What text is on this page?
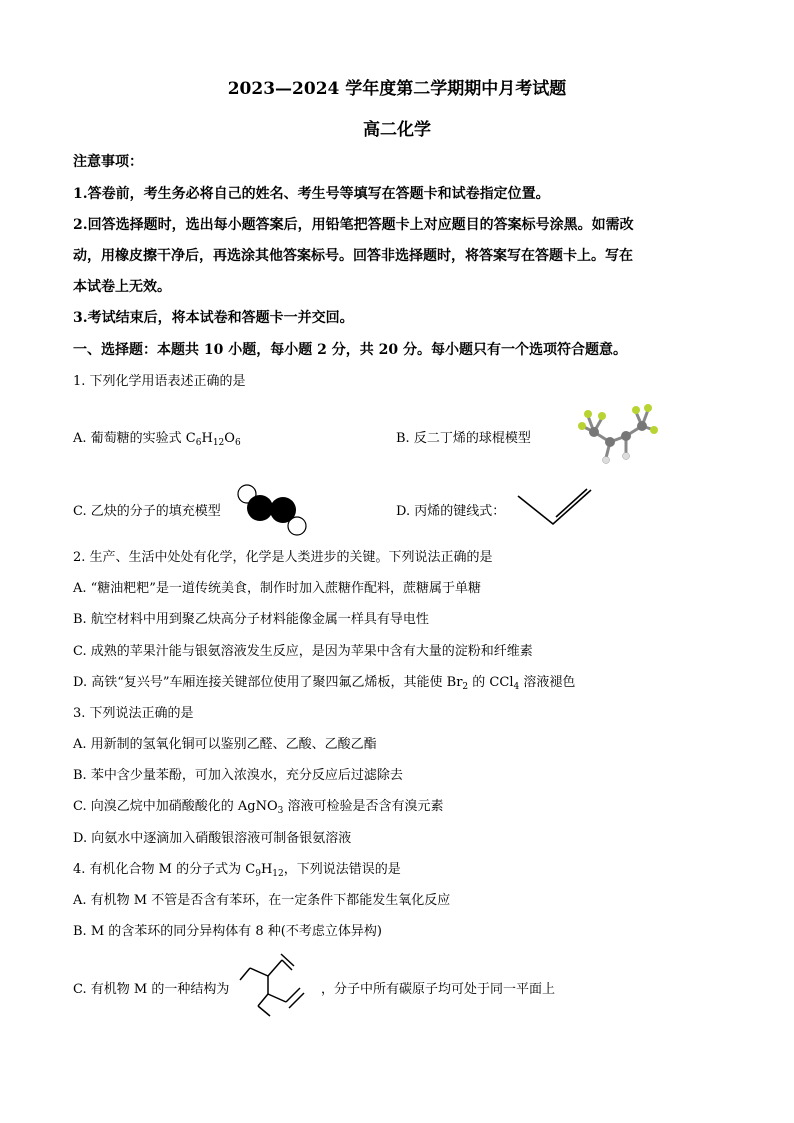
2023—2024 学年度第二学期期中月考试题
高二化学
注意事项：
1.答卷前，考生务必将自己的姓名、考生号等填写在答题卡和试卷指定位置。
2.回答选择题时，选出每小题答案后，用铅笔把答题卡上对应题目的答案标号涂黑。如需改
动，用橡皮擦干净后，再选涂其他答案标号。回答非选择题时，将答案写在答题卡上。写在
本试卷上无效。
3.考试结束后，将本试卷和答题卡一并交回。
一、选择题：本题共 10 小题，每小题 2 分，共 20 分。每小题只有一个选项符合题意。
1. 下列化学用语表述正确的是
A. 葡萄糖的实验式 $C_6H_{12}O_6$	B. 反二丁烯的球棍模型
C. 乙炔的分子的填充模型	D. 丙烯的键线式：
2. 生产、生活中处处有化学，化学是人类进步的关键。下列说法正确的是
A. “糖油粑粑”是一道传统美食，制作时加入蔗糖作配料，蔗糖属于单糖
B. 航空材料中用到聚乙炔高分子材料能像金属一样具有导电性
C. 成熟的苹果汁能与银氨溶液发生反应，是因为苹果中含有大量的淀粉和纤维素
D. 高铁“复兴号”车厢连接关键部位使用了聚四氟乙烯板，其能使 $Br_2$ 的 CCl$_4$ 溶液褪色
3. 下列说法正确的是
A. 用新制的氢氧化铜可以鉴别乙醛、乙酸、乙酸乙酯
B. 苯中含少量苯酚，可加入浓溴水，充分反应后过滤除去
C. 向溴乙烷中加硝酸酸化的 AgNO$_3$ 溶液可检验是否含有溴元素
D. 向氨水中逐滴加入硝酸银溶液可制备银氨溶液
4. 有机化合物 M 的分子式为 $C_9H_{12}$，下列说法错误的是
A. 有机物 M 不管是否含有苯环，在一定条件下都能发生氧化反应
B. M 的含苯环的同分异构体有 8 种(不考虑立体异构)
C. 有机物 M 的一种结构为	，分子中所有碳原子均可处于同一平面上
